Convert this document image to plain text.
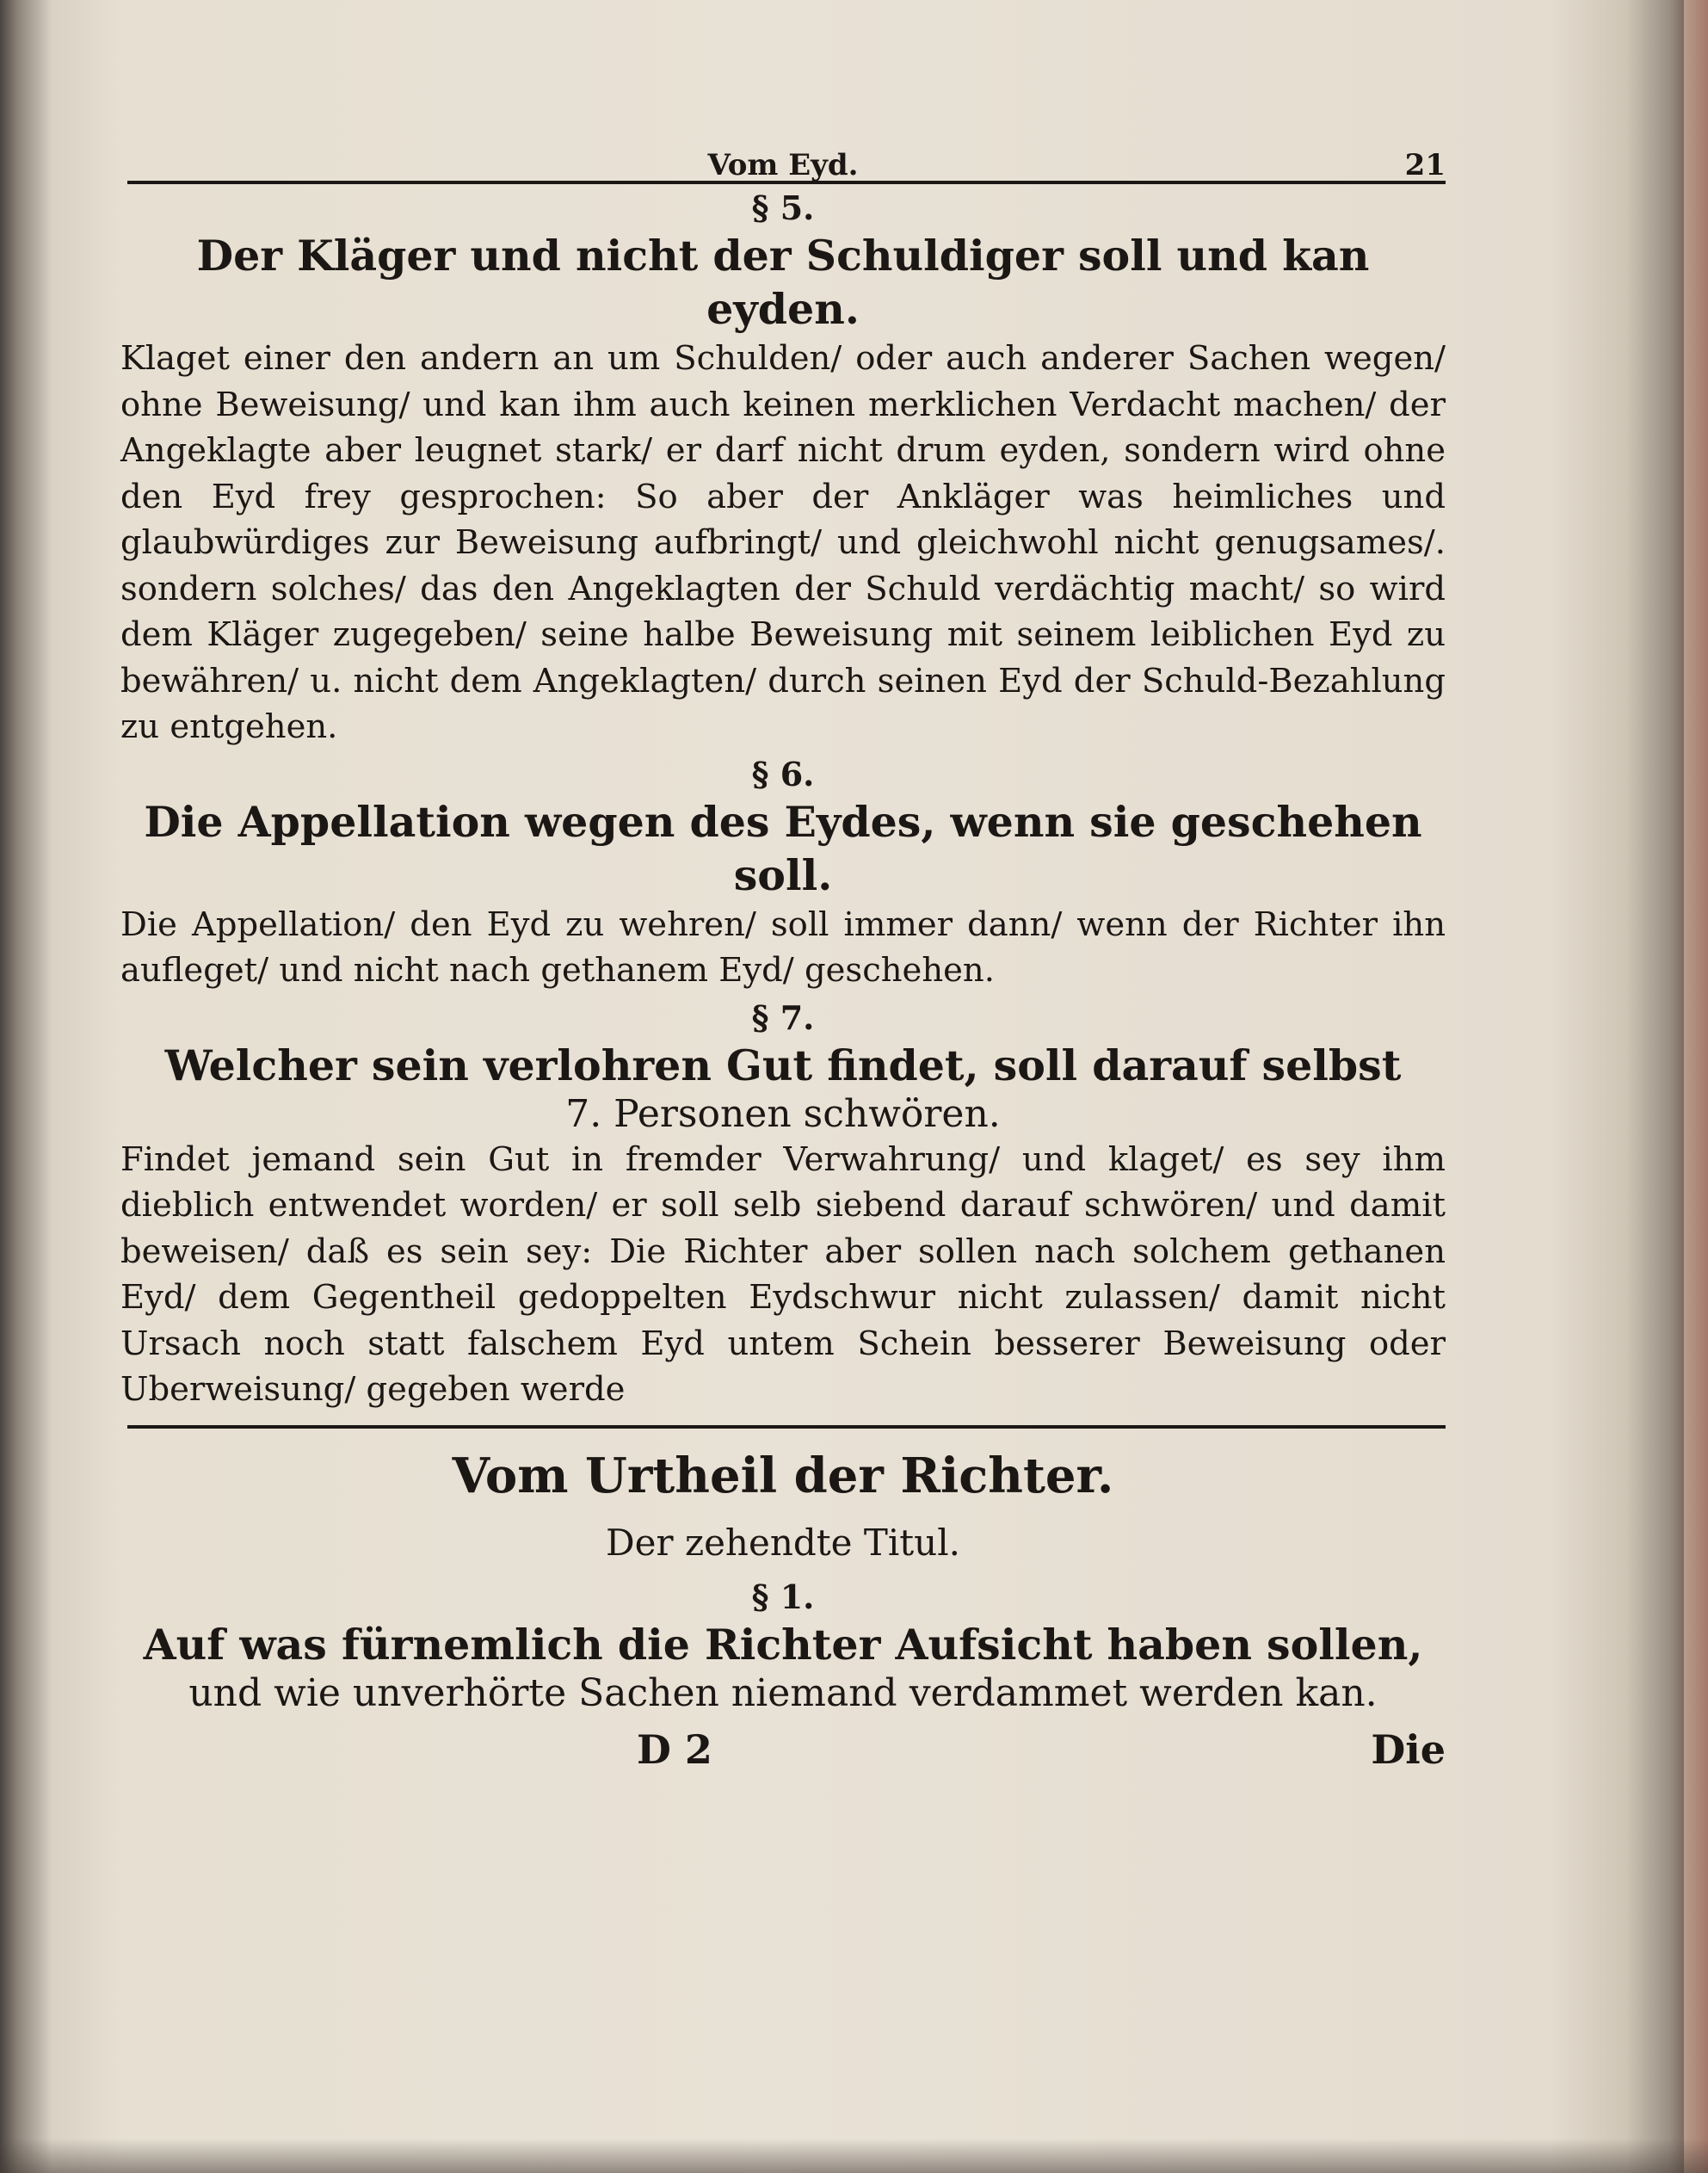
Vom Eyd.	21
§ 5.
Der Kläger und nicht der Schuldiger soll und kan eyden.

Klaget einer den andern an um Schulden/ oder auch anderer Sachen wegen/ ohne Beweisung/ und kan ihm auch keinen merklichen Verdacht machen/ der Angeklagte aber leugnet stark/ er darf nicht drum eyden, sondern wird ohne den Eyd frey gesprochen: So aber der Ankläger was heimliches und glaubwürdiges zur Beweisung aufbringt/ und gleichwohl nicht genugsames/. sondern solches/ das den Angeklagten der Schuld verdächtig macht/ so wird dem Kläger zugegeben/ seine halbe Beweisung mit seinem leiblichen Eyd zu bewähren/ u. nicht dem Angeklagten/ durch seinen Eyd der Schuld-Bezahlung zu entgehen.

§ 6.
Die Appellation wegen des Eydes, wenn sie geschehen soll.

Die Appellation/ den Eyd zu wehren/ soll immer dann/ wenn der Richter ihn aufleget/ und nicht nach gethanem Eyd/ geschehen.

§ 7.
Welcher sein verlohren Gut findet, soll darauf selbst
7. Personen schwören.

Findet jemand sein Gut in fremder Verwahrung/ und klaget/ es sey ihm dieblich entwendet worden/ er soll selb siebend darauf schwören/ und damit beweisen/ daß es sein sey: Die Richter aber sollen nach solchem gethanen Eyd/ dem Gegentheil gedoppelten Eydschwur nicht zulassen/ damit nicht Ursach noch statt falschem Eyd untem Schein besserer Beweisung oder Uberweisung/ gegeben werde

Vom Urtheil der Richter.
Der zehendte Titul.
§ 1.
Auf was fürnemlich die Richter Aufsicht haben sollen,
und wie unverhörte Sachen niemand verdammet werden kan.
D 2	Die
